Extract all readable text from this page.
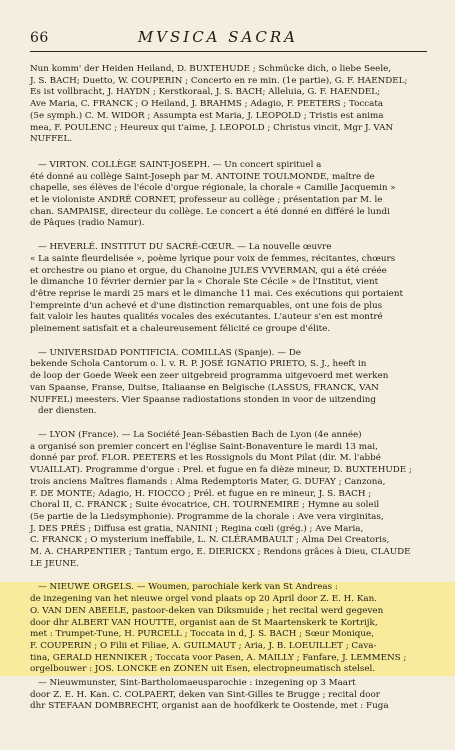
66	MVSICA SACRA

Nun komm' der Heiden Heiland, D. BUXTEHUDE ; Schmücke dich, o liebe Seele,

J. S. BACH; Duetto, W. COUPERIN ; Concerto en re min. (1e partie), G. F. HAENDEL;

Es ist vollbracht, J. HAYDN ; Kerstkoraal, J. S. BACH; Alleluia, G. F. HAENDEL;

Ave Maria, C. FRANCK ; O Heiland, J. BRAHMS ; Adagio, F. PEETERS ; Toccata

(5e symph.) C. M. WIDOR ; Assumpta est Maria, J. LEOPOLD ; Tristis est anima

mea, F. POULENC ; Heureux qui t'aime, J. LEOPOLD ; Christus vincit, Mgr J. VAN

NUFFEL.

— VIRTON. COLLÈGE SAINT-JOSEPH. — Un concert spirituel a

été donné au collège Saint-Joseph par M. ANTOINE TOULMONDE, maître de

chapelle, ses élèves de l'école d'orgue régionale, la chorale « Camille Jacquemin »

et le violoniste ANDRÉ CORNET, professeur au collège ; présentation par M. le

chan. SAMPAISE, directeur du collège. Le concert a été donné en différé le lundi

de Pâques (radio Namur).

— HEVERLÉ. INSTITUT DU SACRÉ-CŒUR. — La nouvelle œuvre

« La sainte fleurdelisée », poème lyrique pour voix de femmes, récitantes, chœurs

et orchestre ou piano et orgue, du Chanoine JULES VYVERMAN, qui a été créée

le dimanche 10 février dernier par la « Chorale Ste Cécile » de l'Institut, vient

d'être reprise le mardi 25 mars et le dimanche 11 mai. Ces exécutions qui portaient

l'empreinte d'un achevé et d'une distinction remarquables, ont une fois de plus

fait valoir les hautes qualités vocales des exécutantes. L'auteur s'en est montré

pleinement satisfait et a chaleureusement félicité ce groupe d'élite.

— UNIVERSIDAD PONTIFICIA. COMILLAS (Spanje). — De

bekende Schola Cantorum o. l. v. R. P. JOSÉ IGNATIO PRIETO, S. J., heeft in

de loop der Goede Week een zeer uitgebreid programma uitgevoerd met werken

van Spaanse, Franse, Duitse, Italiaanse en Belgische (LASSUS, FRANCK, VAN

NUFFEL) meesters. Vier Spaanse radiostations stonden in voor de uitzending

der diensten.

— LYON (France). — La Société Jean-Sébastien Bach de Lyon (4e année)

a organisé son premier concert en l'église Saint-Bonaventure le mardi 13 mai,

donné par prof. FLOR. PEETERS et les Rossignols du Mont Pilat (dir. M. l'abbé

VUAILLAT). Programme d'orgue : Prel. et fugue en fa dièze mineur, D. BUXTEHUDE ;

trois anciens Maîtres flamands : Alma Redemptoris Mater, G. DUFAY ; Canzona,

F. DE MONTE; Adagio, H. FIOCCO ; Prél. et fugue en re mineur, J. S. BACH ;

Choral II, C. FRANCK ; Suite évocatrice, CH. TOURNEMIRE ; Hymne au soleil

(5e partie de la Liedsymphonie). Programme de la chorale : Ave vera virginitas,

J. DES PRÉS ; Diffusa est gratia, NANINI ; Regina cœli (grég.) ; Ave Maria,

C. FRANCK ; O mysterium ineffabile, L. N. CLÉRAMBAULT ; Alma Dei Creatoris,

M. A. CHARPENTIER ; Tantum ergo, E. DIERICKX ; Rendons grâces à Dieu, CLAUDE

LE JEUNE.

— NIEUWE ORGELS. — Woumen, parochiale kerk van St Andreas :

de inzegening van het nieuwe orgel vond plaats op 20 April door Z. E. H. Kan.

O. VAN DEN ABEELE, pastoor-deken van Diksmuide ; het recital werd gegeven

door dhr ALBERT VAN HOUTTE, organist aan de St Maartenskerk te Kortrijk,

met : Trumpet-Tune, H. PURCELL ; Toccata in d, J. S. BACH ; Sœur Monique,

F. COUPERIN ; O Filii et Filiae, A. GUILMAUT ; Aria, J. B. LOEUILLET ; Cava-

tina, GERALD HENNIKER ; Toccata voor Pasen, A. MAILLY ; Fanfare, J. LEMMENS ;

orgelbouwer : JOS. LONCKE en ZONEN uit Esen, electropneumatisch stelsel.

— Nieuwmunster, Sint-Bartholomaeusparochie : inzegening op 3 Maart

door Z. E. H. Kan. C. COLPAERT, deken van Sint-Gilles te Brugge ; recital door

dhr STEFAAN DOMBRECHT, organist aan de hoofdkerk te Oostende, met : Fuga
